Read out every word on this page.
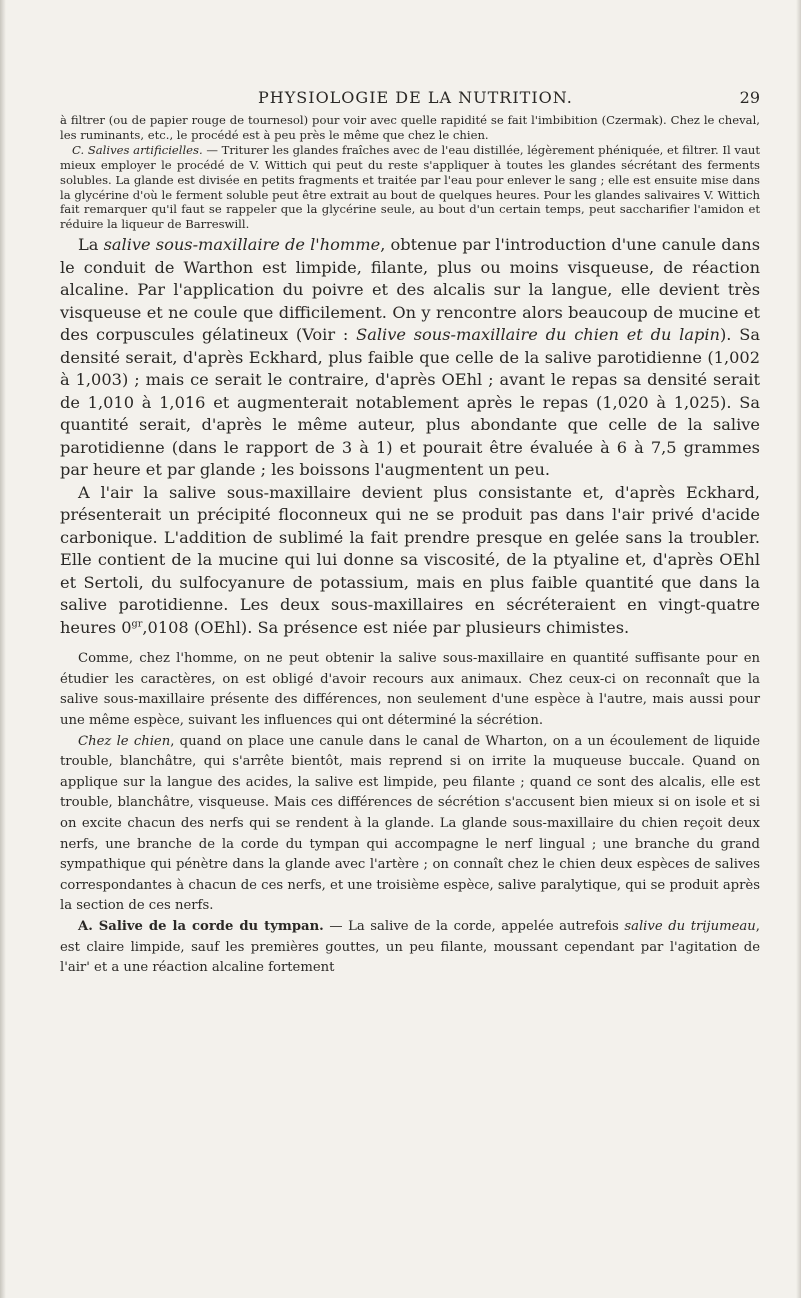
PHYSIOLOGIE DE LA NUTRITION.	29

à filtrer (ou de papier rouge de tournesol) pour voir avec quelle rapidité se fait l'imbibition (Czermak). Chez le cheval, les ruminants, etc., le procédé est à peu près le même que chez le chien.

C. Salives artificielles. — Triturer les glandes fraîches avec de l'eau distillée, légèrement phéniquée, et filtrer. Il vaut mieux employer le procédé de V. Wittich qui peut du reste s'appliquer à toutes les glandes sécrétant des ferments solubles. La glande est divisée en petits fragments et traitée par l'eau pour enlever le sang ; elle est ensuite mise dans la glycérine d'où le ferment soluble peut être extrait au bout de quelques heures. Pour les glandes salivaires V. Wittich fait remarquer qu'il faut se rappeler que la glycérine seule, au bout d'un certain temps, peut saccharifier l'amidon et réduire la liqueur de Barreswill.

La salive sous-maxillaire de l'homme, obtenue par l'introduction d'une canule dans le conduit de Warthon est limpide, filante, plus ou moins visqueuse, de réaction alcaline. Par l'application du poivre et des alcalis sur la langue, elle devient très visqueuse et ne coule que difficilement. On y rencontre alors beaucoup de mucine et des corpuscules gélatineux (Voir : Salive sous-maxillaire du chien et du lapin). Sa densité serait, d'après Eckhard, plus faible que celle de la salive parotidienne (1,002 à 1,003) ; mais ce serait le contraire, d'après OEhl ; avant le repas sa densité serait de 1,010 à 1,016 et augmenterait notablement après le repas (1,020 à 1,025). Sa quantité serait, d'après le même auteur, plus abondante que celle de la salive parotidienne (dans le rapport de 3 à 1) et pourait être évaluée à 6 à 7,5 grammes par heure et par glande ; les boissons l'augmentent un peu.

A l'air la salive sous-maxillaire devient plus consistante et, d'après Eckhard, présenterait un précipité floconneux qui ne se produit pas dans l'air privé d'acide carbonique. L'addition de sublimé la fait prendre presque en gelée sans la troubler. Elle contient de la mucine qui lui donne sa viscosité, de la ptyaline et, d'après OEhl et Sertoli, du sulfocyanure de potassium, mais en plus faible quantité que dans la salive parotidienne. Les deux sous-maxillaires en sécréteraient en vingt-quatre heures $0^{gr},0108$ (OEhl). Sa présence est niée par plusieurs chimistes.

Comme, chez l'homme, on ne peut obtenir la salive sous-maxillaire en quantité suffisante pour en étudier les caractères, on est obligé d'avoir recours aux animaux. Chez ceux-ci on reconnaît que la salive sous-maxillaire présente des différences, non seulement d'une espèce à l'autre, mais aussi pour une même espèce, suivant les influences qui ont déterminé la sécrétion.

Chez le chien, quand on place une canule dans le canal de Wharton, on a un écoulement de liquide trouble, blanchâtre, qui s'arrête bientôt, mais reprend si on irrite la muqueuse buccale. Quand on applique sur la langue des acides, la salive est limpide, peu filante ; quand ce sont des alcalis, elle est trouble, blanchâtre, visqueuse. Mais ces différences de sécrétion s'accusent bien mieux si on isole et si on excite chacun des nerfs qui se rendent à la glande. La glande sous-maxillaire du chien reçoit deux nerfs, une branche de la corde du tympan qui accompagne le nerf lingual ; une branche du grand sympathique qui pénètre dans la glande avec l'artère ; on connaît chez le chien deux espèces de salives correspondantes à chacun de ces nerfs, et une troisième espèce, salive paralytique, qui se produit après la section de ces nerfs.

A. Salive de la corde du tympan. — La salive de la corde, appelée autrefois salive du trijumeau, est claire limpide, sauf les premières gouttes, un peu filante, moussant cependant par l'agitation de l'air' et a une réaction alcaline fortement
